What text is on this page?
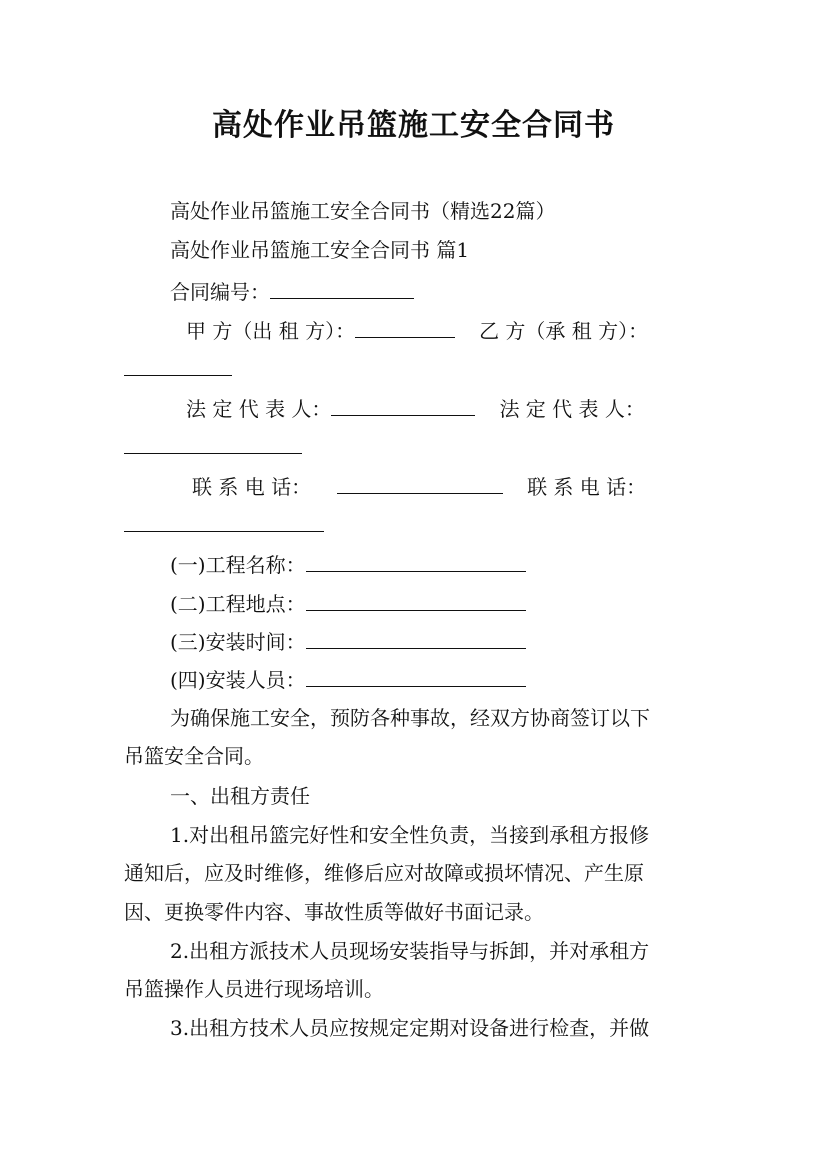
高处作业吊篮施工安全合同书
高处作业吊篮施工安全合同书（精选22篇）
高处作业吊篮施工安全合同书 篇1
合同编号：
甲 方（出 租 方）：	乙 方（承 租 方）：
法 定 代 表 人：	法 定 代 表 人：
联 系 电 话：	联 系 电 话：
(一)工程名称：
(二)工程地点：
(三)安装时间：
(四)安装人员：
为确保施工安全，预防各种事故，经双方协商签订以下
吊篮安全合同。
一、出租方责任
1.对出租吊篮完好性和安全性负责，当接到承租方报修
通知后，应及时维修，维修后应对故障或损坏情况、产生原
因、更换零件内容、事故性质等做好书面记录。
2.出租方派技术人员现场安装指导与拆卸，并对承租方
吊篮操作人员进行现场培训。
3.出租方技术人员应按规定定期对设备进行检查，并做
